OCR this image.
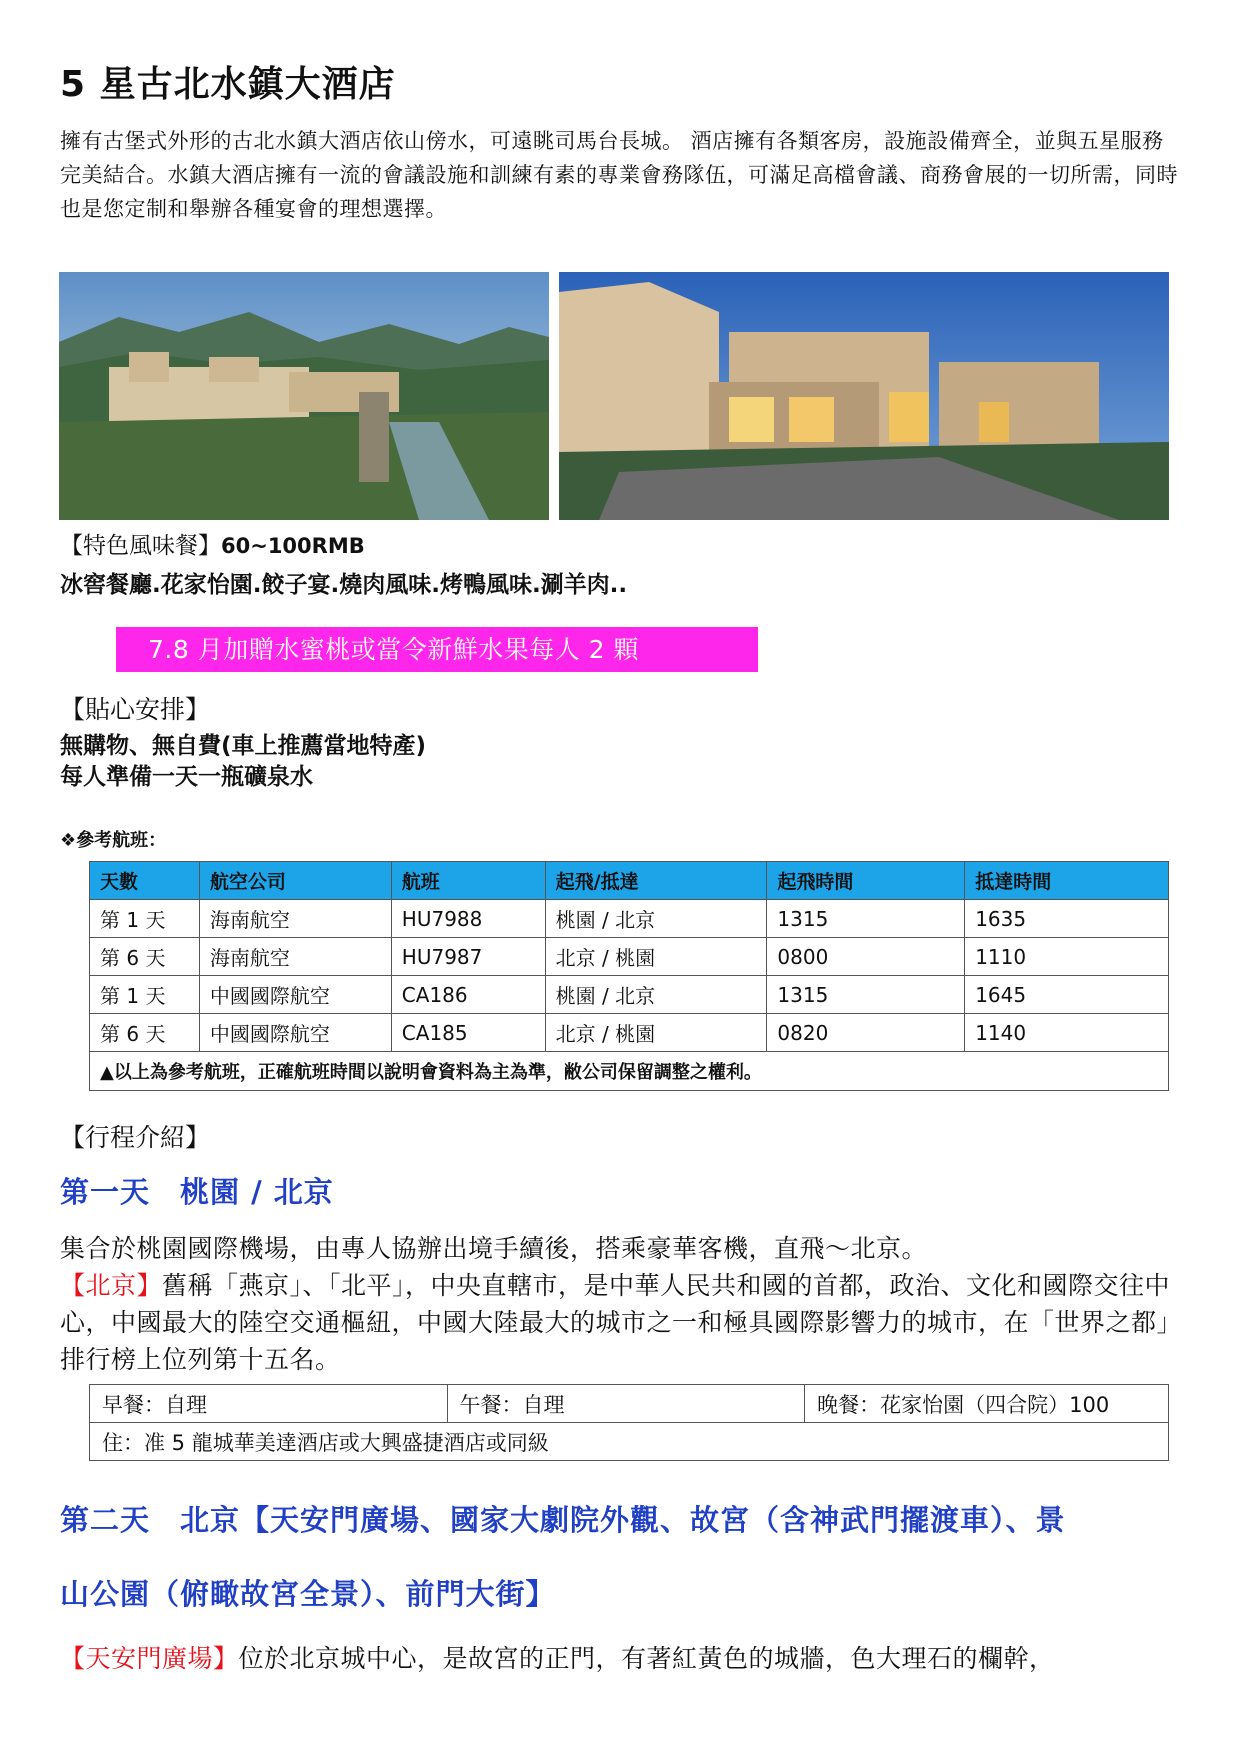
5 星古北水鎮大酒店
擁有古堡式外形的古北水鎮大酒店依山傍水，可遠眺司馬台長城。 酒店擁有各類客房，設施設備齊全，並與五星服務完美結合。水鎮大酒店擁有一流的會議設施和訓練有素的專業會務隊伍，可滿足高檔會議、商務會展的一切所需，同時也是您定制和舉辦各種宴會的理想選擇。
【特色風味餐】60~100RMB
冰窖餐廳.花家怡園.餃子宴.燒肉風味.烤鴨風味.涮羊肉..
7.8 月加贈水蜜桃或當令新鮮水果每人 2 顆
【貼心安排】
無購物、無自費(車上推薦當地特產)
每人準備一天一瓶礦泉水
❖參考航班：
天數	航空公司	航班	起飛/抵達	起飛時間	抵達時間
第 1 天	海南航空	HU7988	桃園 / 北京	1315	1635
第 6 天	海南航空	HU7987	北京 / 桃園	0800	1110
第 1 天	中國國際航空	CA186	桃園 / 北京	1315	1645
第 6 天	中國國際航空	CA185	北京 / 桃園	0820	1140
▲以上為參考航班，正確航班時間以說明會資料為主為準，敝公司保留調整之權利。					
【行程介紹】
第一天　桃園 / 北京
集合於桃園國際機場，由專人協辦出境手續後，搭乘豪華客機，直飛～北京。
【北京】舊稱「燕京」、「北平」，中央直轄市，是中華人民共和國的首都，政治、文化和國際交往中心，中國最大的陸空交通樞紐，中國大陸最大的城市之一和極具國際影響力的城市，在「世界之都」排行榜上位列第十五名。
早餐：自理	午餐：自理	晚餐：花家怡園（四合院）100
住：准 5 龍城華美達酒店或大興盛捷酒店或同級
第二天　北京【天安門廣場、國家大劇院外觀、故宮（含神武門擺渡車）、景
山公園（俯瞰故宮全景）、前門大街】
【天安門廣場】位於北京城中心，是故宮的正門，有著紅黃色的城牆，色大理石的欄幹，
